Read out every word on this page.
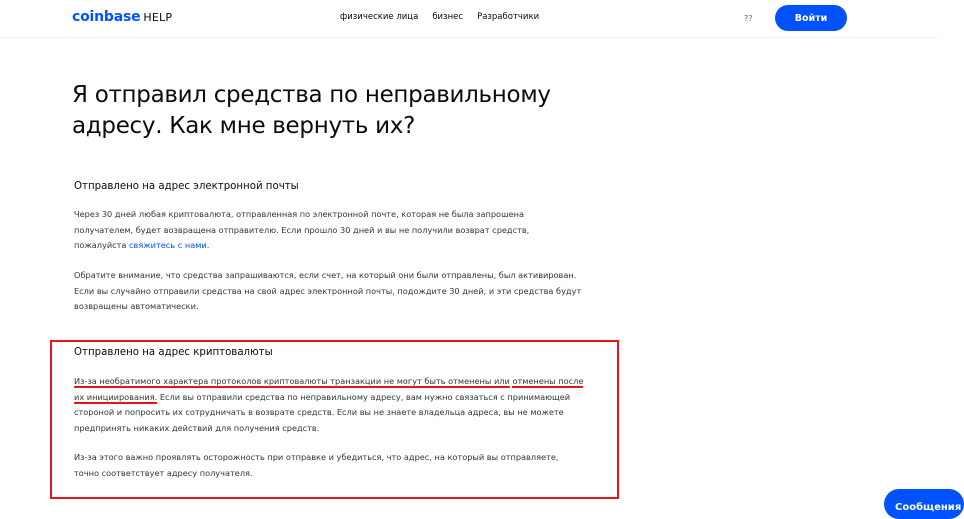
coinbase HELP	физические лица бизнес Разработчики	??	Войти
Я отправил средства по неправильному адресу. Как мне вернуть их?
Отправлено на адрес электронной почты

Через 30 дней любая криптовалюта, отправленная по электронной почте, которая не была запрошена получателем, будет возвращена отправителю. Если прошло 30 дней и вы не получили возврат средств, пожалуйста свяжитесь с нами.

Обратите внимание, что средства запрашиваются, если счет, на который они были отправлены, был активирован. Если вы случайно отправили средства на свой адрес электронной почты, подождите 30 дней, и эти средства будут возвращены автоматически.

Отправлено на адрес криптовалюты

Из-за необратимого характера протоколов криптовалюты транзакции не могут быть отменены или отменены после их инициирования. Если вы отправили средства по неправильному адресу, вам нужно связаться с принимающей стороной и попросить их сотрудничать в возврате средств. Если вы не знаете владельца адреса, вы не можете предпринять никаких действий для получения средств.

Из-за этого важно проявлять осторожность при отправке и убедиться, что адрес, на который вы отправляете, точно соответствует адресу получателя.

Сообщения
